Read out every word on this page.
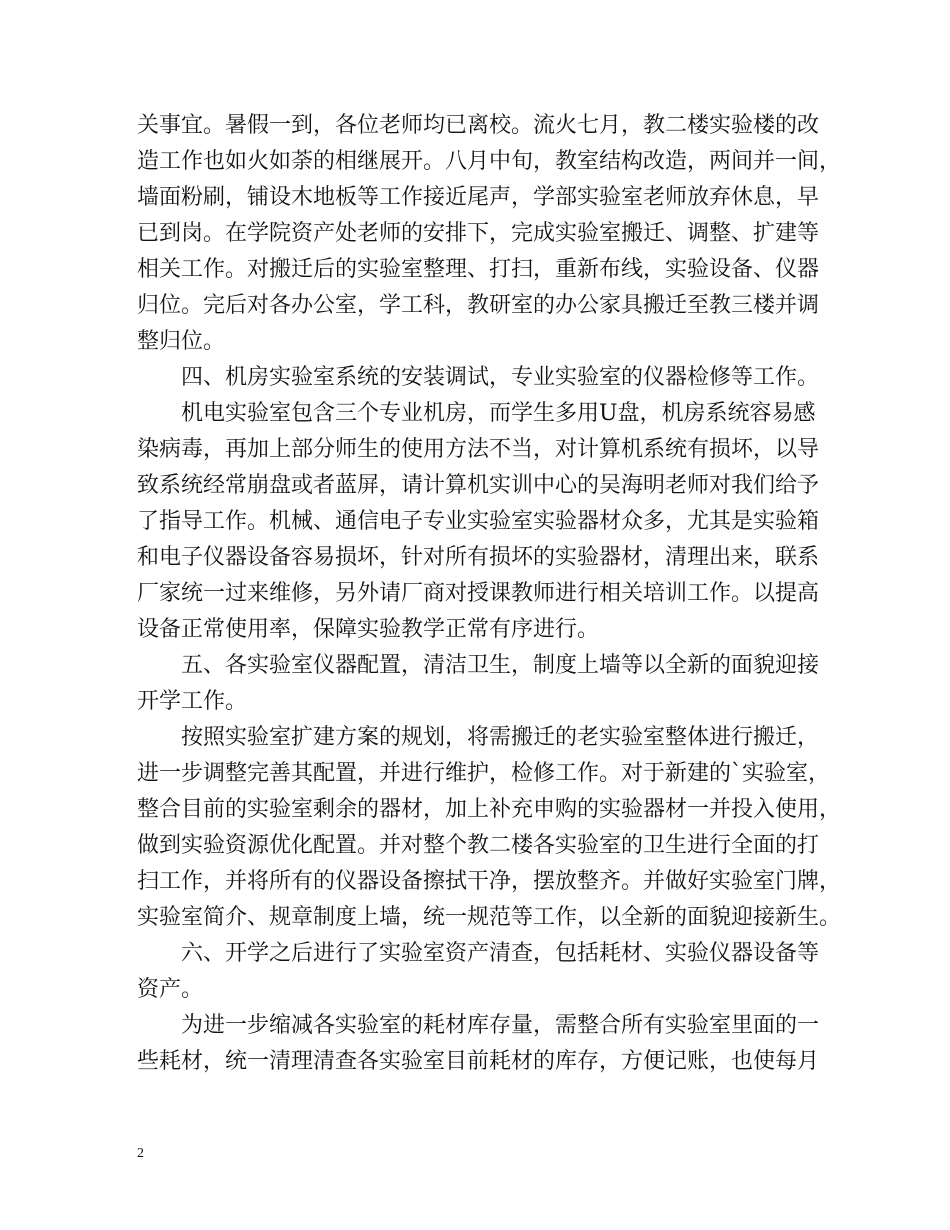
关事宜。暑假一到，各位老师均已离校。流火七月，教二楼实验楼的改
造工作也如火如荼的相继展开。八月中旬，教室结构改造，两间并一间，
墙面粉刷，铺设木地板等工作接近尾声，学部实验室老师放弃休息，早
已到岗。在学院资产处老师的安排下，完成实验室搬迁、调整、扩建等
相关工作。对搬迁后的实验室整理、打扫，重新布线，实验设备、仪器
归位。完后对各办公室，学工科，教研室的办公家具搬迁至教三楼并调
整归位。

四、机房实验室系统的安装调试，专业实验室的仪器检修等工作。

机电实验室包含三个专业机房，而学生多用U盘，机房系统容易感
染病毒，再加上部分师生的使用方法不当，对计算机系统有损坏，以导
致系统经常崩盘或者蓝屏，请计算机实训中心的吴海明老师对我们给予
了指导工作。机械、通信电子专业实验室实验器材众多，尤其是实验箱
和电子仪器设备容易损坏，针对所有损坏的实验器材，清理出来，联系
厂家统一过来维修，另外请厂商对授课教师进行相关培训工作。以提高
设备正常使用率，保障实验教学正常有序进行。

五、各实验室仪器配置，清洁卫生，制度上墙等以全新的面貌迎接
开学工作。

按照实验室扩建方案的规划，将需搬迁的老实验室整体进行搬迁，
进一步调整完善其配置，并进行维护，检修工作。对于新建的`实验室，
整合目前的实验室剩余的器材，加上补充申购的实验器材一并投入使用，
做到实验资源优化配置。并对整个教二楼各实验室的卫生进行全面的打
扫工作，并将所有的仪器设备擦拭干净，摆放整齐。并做好实验室门牌，
实验室简介、规章制度上墙，统一规范等工作，以全新的面貌迎接新生。

六、开学之后进行了实验室资产清查，包括耗材、实验仪器设备等
资产。

为进一步缩减各实验室的耗材库存量，需整合所有实验室里面的一
些耗材，统一清理清查各实验室目前耗材的库存，方便记账，也使每月

2
